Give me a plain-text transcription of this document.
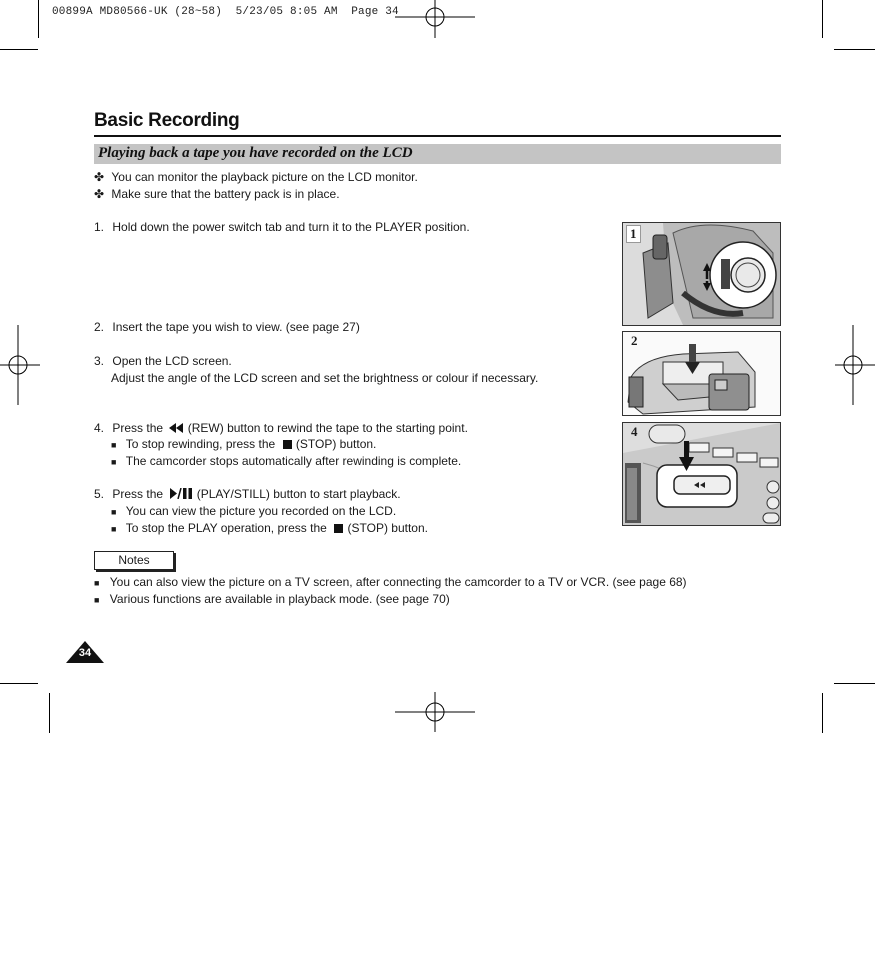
00899A MD80566-UK (28~58)  5/23/05 8:05 AM  Page 34
Basic Recording
Playing back a tape you have recorded on the LCD
✤ You can monitor the playback picture on the LCD monitor.
✤ Make sure that the battery pack is in place.
1. Hold down the power switch tab and turn it to the PLAYER position.
2. Insert the tape you wish to view. (see page 27)
3. Open the LCD screen.
Adjust the angle of the LCD screen and set the brightness or colour if necessary.
4. Press the (REW) button to rewind the tape to the starting point.
■ To stop rewinding, press the (STOP) button.
■ The camcorder stops automatically after rewinding is complete.
5. Press the	(PLAY/STILL) button to start playback.
■ You can view the picture you recorded on the LCD.
■ To stop the PLAY operation, press the (STOP) button.
Notes
■ You can also view the picture on a TV screen, after connecting the camcorder to a TV or VCR. (see page 68)
■ Various functions are available in playback mode. (see page 70)
34
1
2
4
